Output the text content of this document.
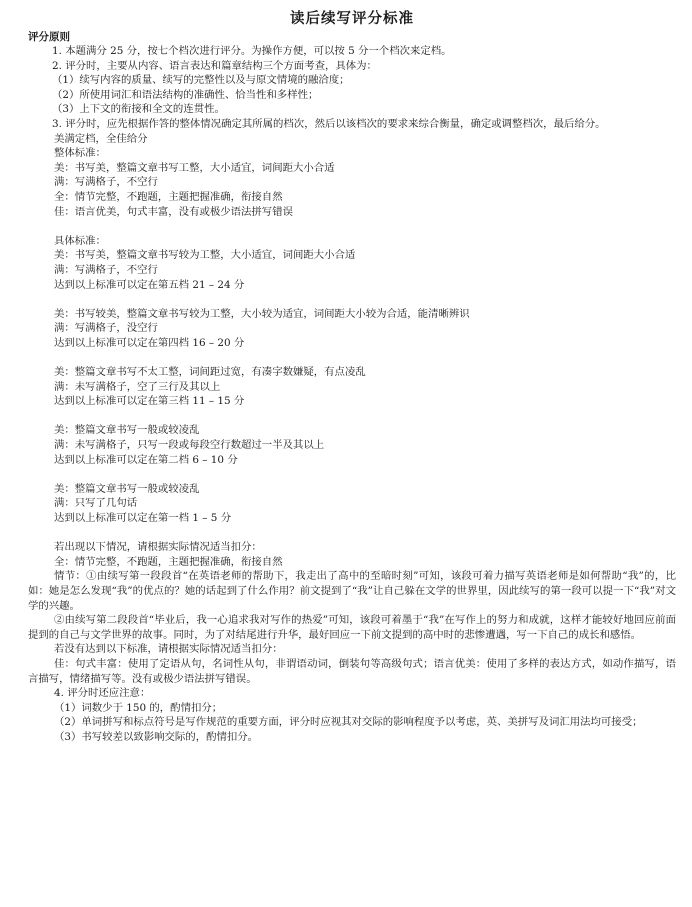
读后续写评分标准

评分原则

1. 本题满分 25 分，按七个档次进行评分。为操作方便，可以按 5 分一个档次来定档。

2. 评分时，主要从内容、语言表达和篇章结构三个方面考查，具体为：

（1）续写内容的质量、续写的完整性以及与原文情境的融洽度；

（2）所使用词汇和语法结构的准确性、恰当性和多样性；

（3）上下文的衔接和全文的连贯性。

3. 评分时，应先根据作答的整体情况确定其所属的档次，然后以该档次的要求来综合衡量，确定或调整档次，最后给分。

美满定档，全佳给分

整体标准：

美：书写美，整篇文章书写工整，大小适宜，词间距大小合适

满：写满格子，不空行

全：情节完整，不跑题，主题把握准确，衔接自然

佳：语言优美，句式丰富，没有或极少语法拼写错误

具体标准：

美：书写美，整篇文章书写较为工整，大小适宜，词间距大小合适

满：写满格子，不空行

达到以上标准可以定在第五档 21 – 24 分

美：书写较美，整篇文章书写较为工整，大小较为适宜，词间距大小较为合适，能清晰辨识

满：写满格子，没空行

达到以上标准可以定在第四档 16 – 20 分

美：整篇文章书写不太工整，词间距过宽，有凑字数嫌疑，有点凌乱

满：未写满格子，空了三行及其以上

达到以上标准可以定在第三档 11 – 15 分

美：整篇文章书写一般或较凌乱

满：未写满格子，只写一段或每段空行数超过一半及其以上

达到以上标准可以定在第二档 6 – 10 分

美：整篇文章书写一般或较凌乱

满：只写了几句话

达到以上标准可以定在第一档 1 – 5 分

若出现以下情况，请根据实际情况适当扣分：

全：情节完整，不跑题，主题把握准确，衔接自然

情节：①由续写第一段段首“在英语老师的帮助下，我走出了高中的至暗时刻”可知，该段可着力描写英语老师是如何帮助“我”的，比如：她是怎么发现“我”的优点的？她的话起到了什么作用？前文提到了“我”让自己躲在文学的世界里，因此续写的第一段可以提一下“我”对文学的兴趣。

②由续写第二段段首“毕业后，我一心追求我对写作的热爱”可知，该段可着墨于“我”在写作上的努力和成就，这样才能较好地回应前面提到的自己与文学世界的故事。同时，为了对结尾进行升华，最好回应一下前文提到的高中时的悲惨遭遇，写一下自己的成长和感悟。

若没有达到以下标准，请根据实际情况适当扣分：

佳：句式丰富：使用了定语从句，名词性从句，非谓语动词，倒装句等高级句式；语言优美：使用了多样的表达方式，如动作描写，语言描写，情绪描写等。没有或极少语法拼写错误。

4. 评分时还应注意：

（1）词数少于 150 的，酌情扣分；

（2）单词拼写和标点符号是写作规范的重要方面，评分时应视其对交际的影响程度予以考虑，英、美拼写及词汇用法均可接受；

（3）书写较差以致影响交际的，酌情扣分。
